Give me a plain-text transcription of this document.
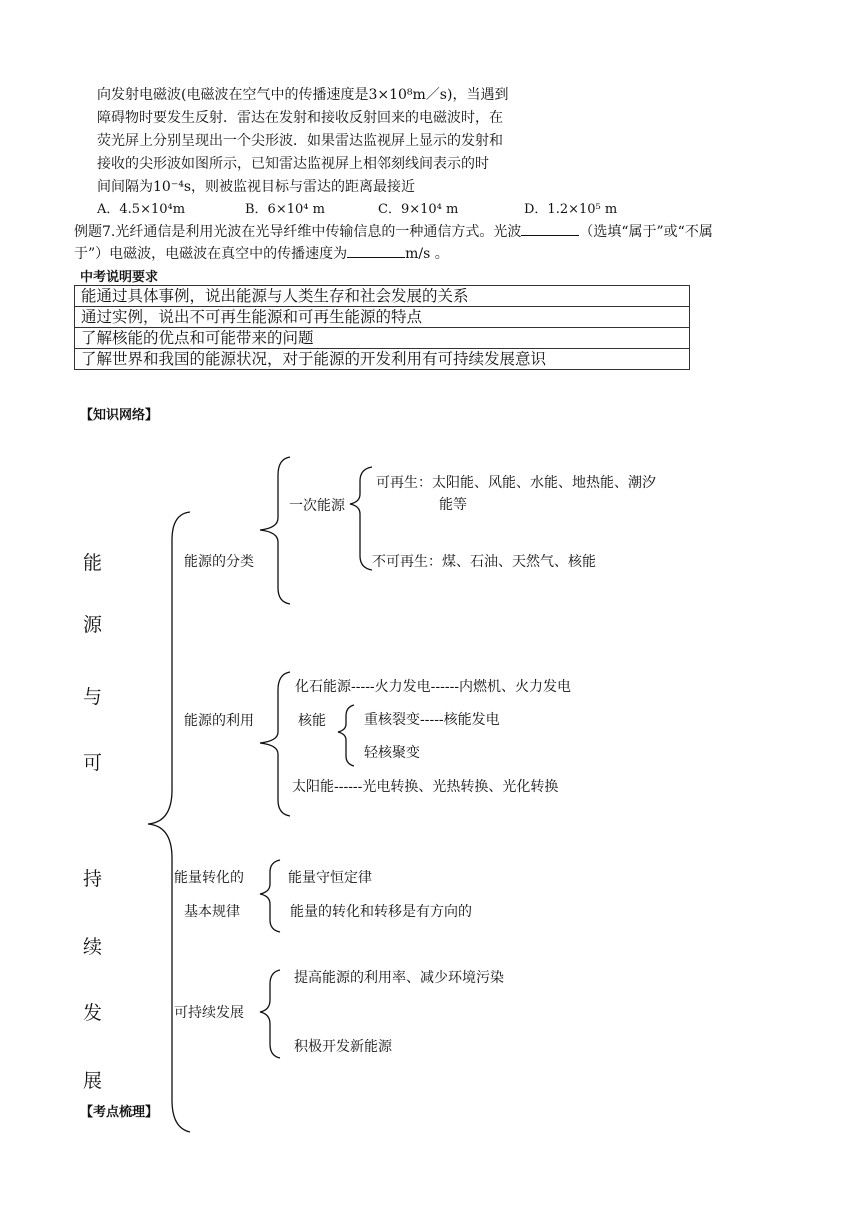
向发射电磁波(电磁波在空气中的传播速度是3×10⁸m／s)，当遇到
障碍物时要发生反射．雷达在发射和接收反射回来的电磁波时，在
荧光屏上分别呈现出一个尖形波．如果雷达监视屏上显示的发射和
接收的尖形波如图所示，已知雷达监视屏上相邻刻线间表示的时
间间隔为10⁻⁴s，则被监视目标与雷达的距离最接近
A．4.5×10⁴m	B．6×10⁴ m	C．9×10⁴ m	D．1.2×10⁵ m
例题7.光纤通信是利用光波在光导纤维中传输信息的一种通信方式。光波	（选填“属于”或“不属
于”）电磁波，电磁波在真空中的传播速度为	m/s 。
中考说明要求
能通过具体事例，说出能源与人类生存和社会发展的关系
通过实例，说出不可再生能源和可再生能源的特点
了解核能的优点和可能带来的问题
了解世界和我国的能源状况，对于能源的开发利用有可持续发展意识
【知识网络】
能
源
与
可
持
续
发
展
能源的分类
一次能源
可再生：太阳能、风能、水能、地热能、潮汐
能等
不可再生：煤、石油、天然气、核能
能源的利用
化石能源-----火力发电------内燃机、火力发电
核能	重核裂变-----核能发电
轻核聚变
太阳能------光电转换、光热转换、光化转换
能量转化的
基本规律
能量守恒定律
能量的转化和转移是有方向的
可持续发展
提高能源的利用率、减少环境污染
积极开发新能源
【考点梳理】
